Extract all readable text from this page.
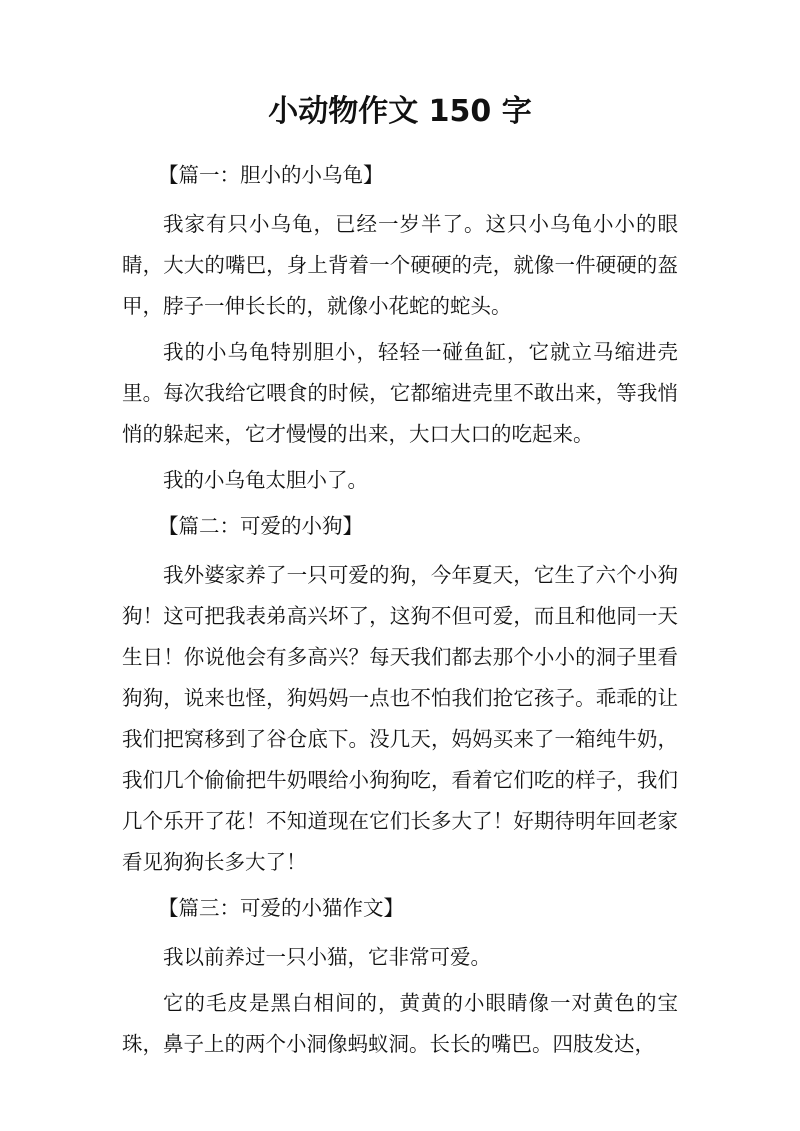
小动物作文 150 字

【篇一：胆小的小乌龟】

我家有只小乌龟，已经一岁半了。这只小乌龟小小的眼睛，大大的嘴巴，身上背着一个硬硬的壳，就像一件硬硬的盔甲，脖子一伸长长的，就像小花蛇的蛇头。

我的小乌龟特别胆小，轻轻一碰鱼缸，它就立马缩进壳里。每次我给它喂食的时候，它都缩进壳里不敢出来，等我悄悄的躲起来，它才慢慢的出来，大口大口的吃起来。

我的小乌龟太胆小了。

【篇二：可爱的小狗】

我外婆家养了一只可爱的狗，今年夏天，它生了六个小狗狗！这可把我表弟高兴坏了，这狗不但可爱，而且和他同一天生日！你说他会有多高兴？每天我们都去那个小小的洞子里看狗狗，说来也怪，狗妈妈一点也不怕我们抢它孩子。乖乖的让我们把窝移到了谷仓底下。没几天，妈妈买来了一箱纯牛奶，我们几个偷偷把牛奶喂给小狗狗吃，看着它们吃的样子，我们几个乐开了花！不知道现在它们长多大了！好期待明年回老家看见狗狗长多大了！

【篇三：可爱的小猫作文】

我以前养过一只小猫，它非常可爱。

它的毛皮是黑白相间的，黄黄的小眼睛像一对黄色的宝珠，鼻子上的两个小洞像蚂蚁洞。长长的嘴巴。四肢发达，
